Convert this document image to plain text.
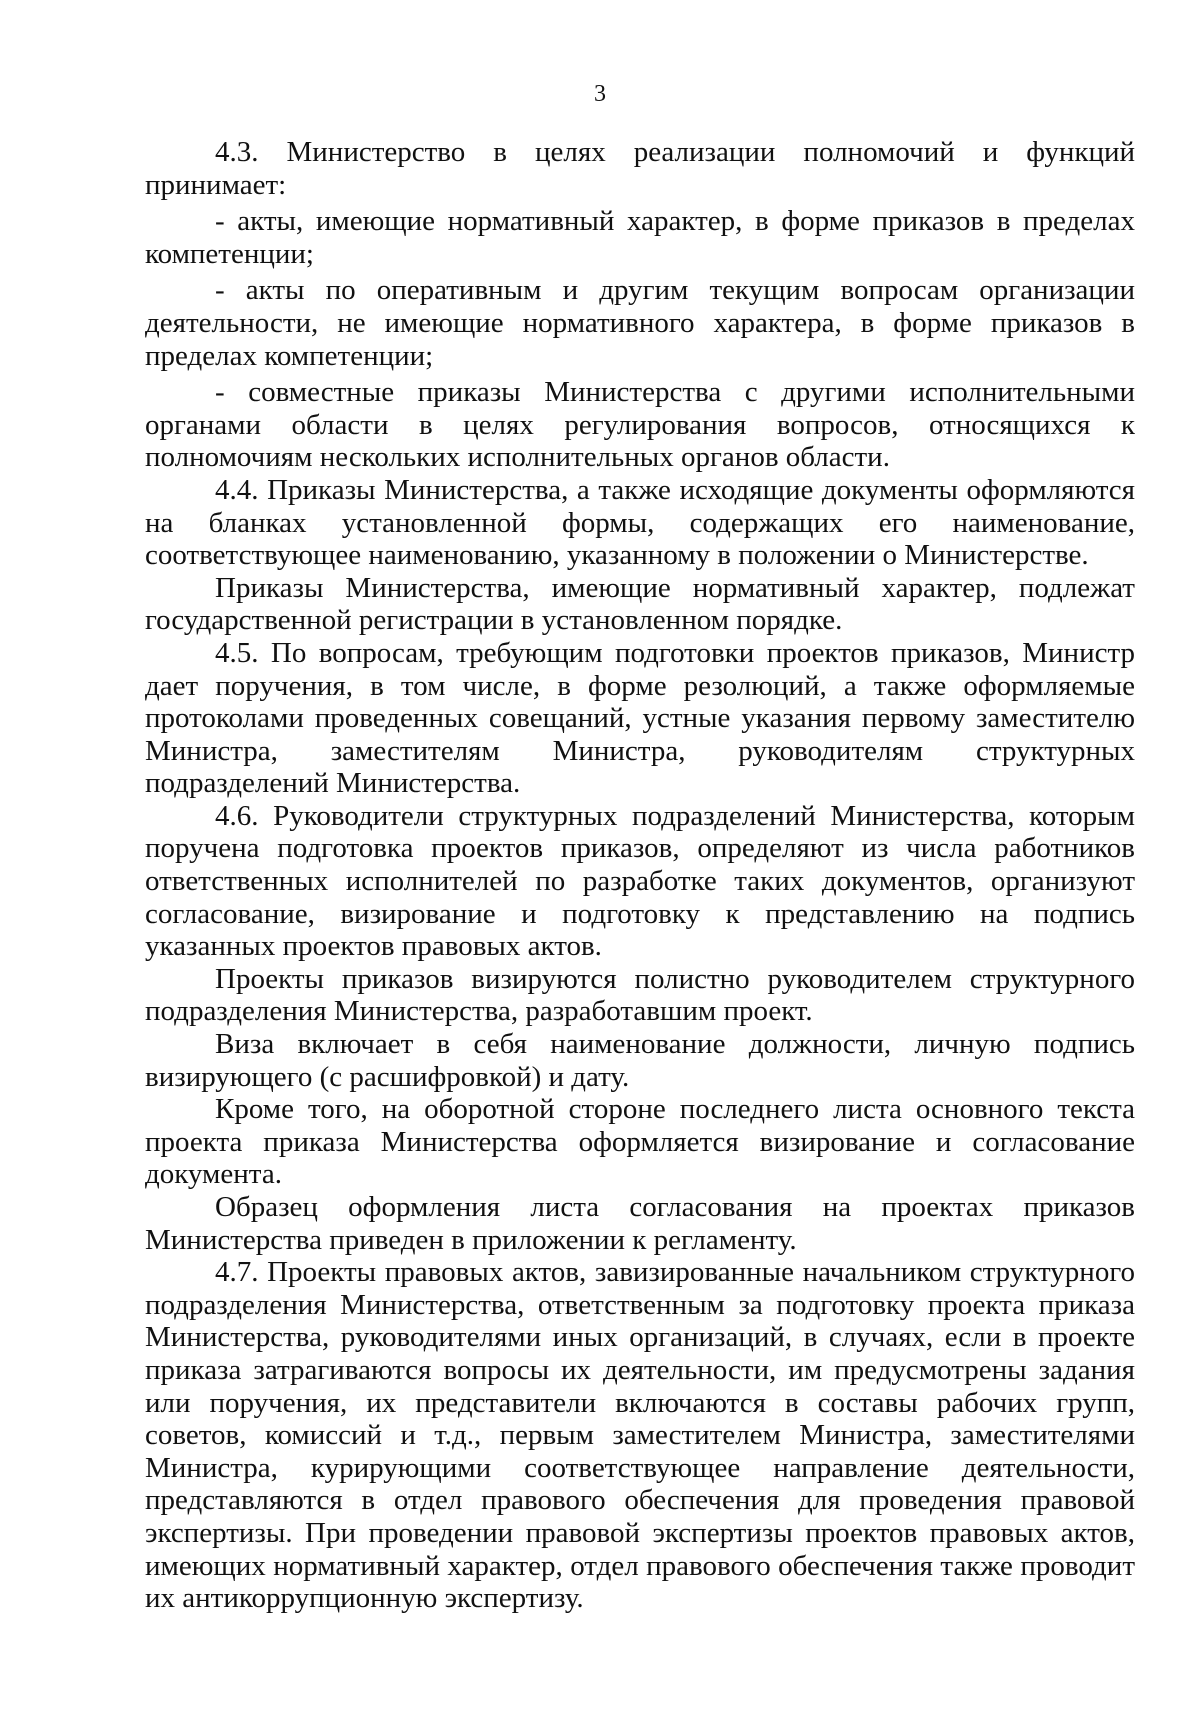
3

4.3. Министерство в целях реализации полномочий и функций принимает:

- акты, имеющие нормативный характер, в форме приказов в пределах компетенции;

- акты по оперативным и другим текущим вопросам организации деятельности, не имеющие нормативного характера, в форме приказов в пределах компетенции;

- совместные приказы Министерства с другими исполнительными органами области в целях регулирования вопросов, относящихся к полномочиям нескольких исполнительных органов области.

4.4. Приказы Министерства, а также исходящие документы оформляются на бланках установленной формы, содержащих его наименование, соответствующее наименованию, указанному в положении о Министерстве.

Приказы Министерства, имеющие нормативный характер, подлежат государственной регистрации в установленном порядке.

4.5. По вопросам, требующим подготовки проектов приказов, Министр дает поручения, в том числе, в форме резолюций, а также оформляемые протоколами проведенных совещаний, устные указания первому заместителю Министра, заместителям Министра, руководителям структурных подразделений Министерства.

4.6. Руководители структурных подразделений Министерства, которым поручена подготовка проектов приказов, определяют из числа работников ответственных исполнителей по разработке таких документов, организуют согласование, визирование и подготовку к представлению на подпись указанных проектов правовых актов.

Проекты приказов визируются полистно руководителем структурного подразделения Министерства, разработавшим проект.

Виза включает в себя наименование должности, личную подпись визирующего (с расшифровкой) и дату.

Кроме того, на оборотной стороне последнего листа основного текста проекта приказа Министерства оформляется визирование и согласование документа.

Образец оформления листа согласования на проектах приказов Министерства приведен в приложении к регламенту.

4.7. Проекты правовых актов, завизированные начальником структурного подразделения Министерства, ответственным за подготовку проекта приказа Министерства, руководителями иных организаций, в случаях, если в проекте приказа затрагиваются вопросы их деятельности, им предусмотрены задания или поручения, их представители включаются в составы рабочих групп, советов, комиссий и т.д., первым заместителем Министра, заместителями Министра, курирующими соответствующее направление деятельности, представляются в отдел правового обеспечения для проведения правовой экспертизы. При проведении правовой экспертизы проектов правовых актов, имеющих нормативный характер, отдел правового обеспечения также проводит их антикоррупционную экспертизу.
